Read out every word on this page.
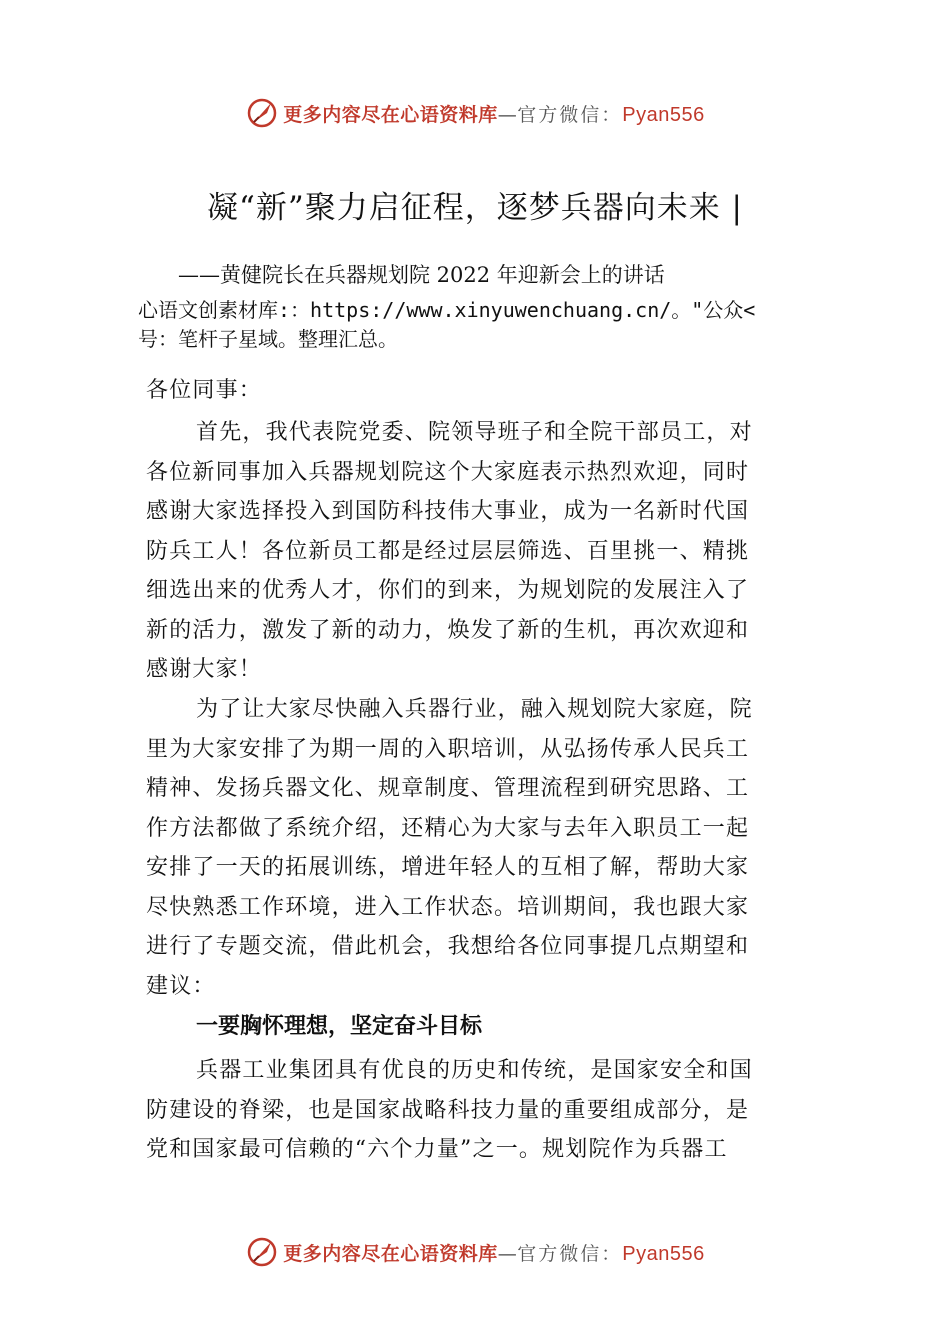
更多内容尽在心语资料库—官方微信：Pyan556
凝“新”聚力启征程，逐梦兵器向未来 |
——黄健院长在兵器规划院 2022 年迎新会上的讲话
心语文创素材库:：https://www.xinyuwenchuang.cn/。"公众<
号：笔杆子星域。整理汇总。
各位同事：
首先，我代表院党委、院领导班子和全院干部员工，对
各位新同事加入兵器规划院这个大家庭表示热烈欢迎，同时
感谢大家选择投入到国防科技伟大事业，成为一名新时代国
防兵工人！各位新员工都是经过层层筛选、百里挑一、精挑
细选出来的优秀人才，你们的到来，为规划院的发展注入了
新的活力，激发了新的动力，焕发了新的生机，再次欢迎和
感谢大家！
为了让大家尽快融入兵器行业，融入规划院大家庭，院
里为大家安排了为期一周的入职培训，从弘扬传承人民兵工
精神、发扬兵器文化、规章制度、管理流程到研究思路、工
作方法都做了系统介绍，还精心为大家与去年入职员工一起
安排了一天的拓展训练，增进年轻人的互相了解，帮助大家
尽快熟悉工作环境，进入工作状态。培训期间，我也跟大家
进行了专题交流，借此机会，我想给各位同事提几点期望和
建议：
一要胸怀理想，坚定奋斗目标
兵器工业集团具有优良的历史和传统，是国家安全和国
防建设的脊梁，也是国家战略科技力量的重要组成部分，是
党和国家最可信赖的“六个力量”之一。规划院作为兵器工
更多内容尽在心语资料库—官方微信：Pyan556
